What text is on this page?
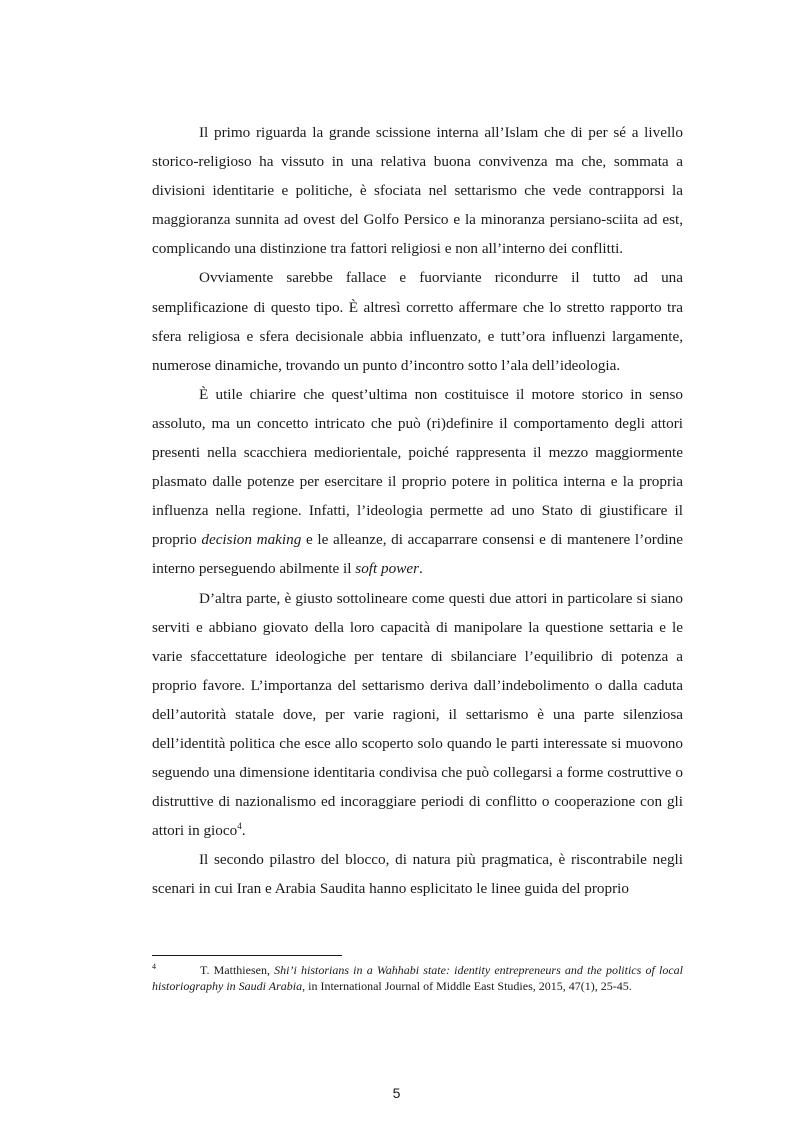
Il primo riguarda la grande scissione interna all’Islam che di per sé a livello storico-religioso ha vissuto in una relativa buona convivenza ma che, sommata a divisioni identitarie e politiche, è sfociata nel settarismo che vede contrapporsi la maggioranza sunnita ad ovest del Golfo Persico e la minoranza persiano-sciita ad est, complicando una distinzione tra fattori religiosi e non all’interno dei conflitti.

Ovviamente sarebbe fallace e fuorviante ricondurre il tutto ad una semplificazione di questo tipo. È altresì corretto affermare che lo stretto rapporto tra sfera religiosa e sfera decisionale abbia influenzato, e tutt’ora influenzi largamente, numerose dinamiche, trovando un punto d’incontro sotto l’ala dell’ideologia.

È utile chiarire che quest’ultima non costituisce il motore storico in senso assoluto, ma un concetto intricato che può (ri)definire il comportamento degli attori presenti nella scacchiera mediorientale, poiché rappresenta il mezzo maggiormente plasmato dalle potenze per esercitare il proprio potere in politica interna e la propria influenza nella regione. Infatti, l’ideologia permette ad uno Stato di giustificare il proprio decision making e le alleanze, di accaparrare consensi e di mantenere l’ordine interno perseguendo abilmente il soft power.

D’altra parte, è giusto sottolineare come questi due attori in particolare si siano serviti e abbiano giovato della loro capacità di manipolare la questione settaria e le varie sfaccettature ideologiche per tentare di sbilanciare l’equilibrio di potenza a proprio favore. L’importanza del settarismo deriva dall’indebolimento o dalla caduta dell’autorità statale dove, per varie ragioni, il settarismo è una parte silenziosa dell’identità politica che esce allo scoperto solo quando le parti interessate si muovono seguendo una dimensione identitaria condivisa che può collegarsi a forme costruttive o distruttive di nazionalismo ed incoraggiare periodi di conflitto o cooperazione con gli attori in gioco$^4$.

Il secondo pilastro del blocco, di natura più pragmatica, è riscontrabile negli scenari in cui Iran e Arabia Saudita hanno esplicitato le linee guida del proprio

4	T. Matthiesen, Shi’i historians in a Wahhabi state: identity entrepreneurs and the politics of local historiography in Saudi Arabia, in International Journal of Middle East Studies, 2015, 47(1), 25-45.

5
